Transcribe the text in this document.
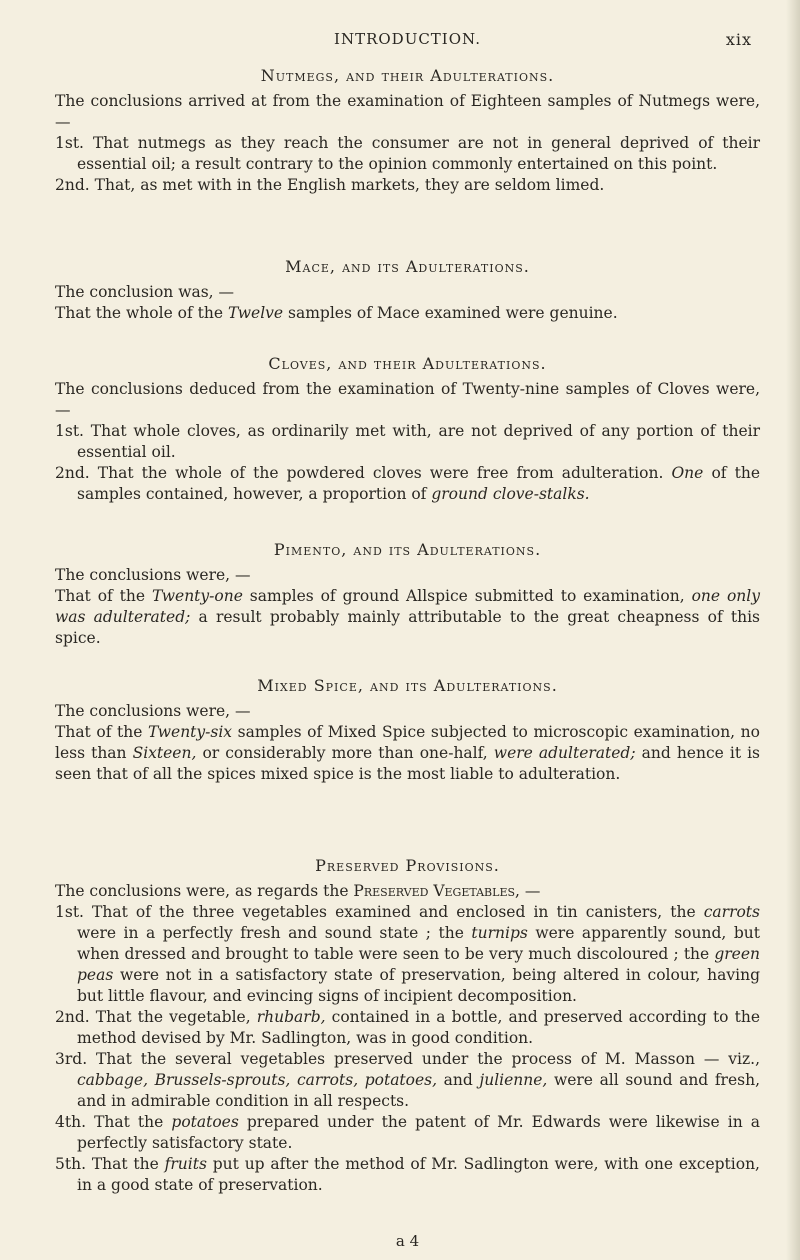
INTRODUCTION.	xix
Nutmegs, and their Adulterations.

The conclusions arrived at from the examination of Eighteen samples of Nutmegs were, —

1st. That nutmegs as they reach the consumer are not in general deprived of their essential oil; a result contrary to the opinion commonly entertained on this point.

2nd. That, as met with in the English markets, they are seldom limed.

Mace, and its Adulterations.

The conclusion was, —

That the whole of the Twelve samples of Mace examined were genuine.

Cloves, and their Adulterations.

The conclusions deduced from the examination of Twenty-nine samples of Cloves were, —

1st. That whole cloves, as ordinarily met with, are not deprived of any portion of their essential oil.

2nd. That the whole of the powdered cloves were free from adulteration. One of the samples contained, however, a proportion of ground clove-stalks.

Pimento, and its Adulterations.

The conclusions were, —

That of the Twenty-one samples of ground Allspice submitted to examination, one only was adulterated; a result probably mainly attributable to the great cheapness of this spice.

Mixed Spice, and its Adulterations.

The conclusions were, —

That of the Twenty-six samples of Mixed Spice subjected to microscopic examination, no less than Sixteen, or considerably more than one-half, were adulterated; and hence it is seen that of all the spices mixed spice is the most liable to adulteration.

Preserved Provisions.

The conclusions were, as regards the Preserved Vegetables, —

1st. That of the three vegetables examined and enclosed in tin canisters, the carrots were in a perfectly fresh and sound state ; the turnips were apparently sound, but when dressed and brought to table were seen to be very much discoloured ; the green peas were not in a satisfactory state of preservation, being altered in colour, having but little flavour, and evincing signs of incipient decomposition.

2nd. That the vegetable, rhubarb, contained in a bottle, and preserved according to the method devised by Mr. Sadlington, was in good condition.

3rd. That the several vegetables preserved under the process of M. Masson — viz., cabbage, Brussels-sprouts, carrots, potatoes, and julienne, were all sound and fresh, and in admirable condition in all respects.

4th. That the potatoes prepared under the patent of Mr. Edwards were likewise in a perfectly satisfactory state.

5th. That the fruits put up after the method of Mr. Sadlington were, with one exception, in a good state of preservation.

a 4
